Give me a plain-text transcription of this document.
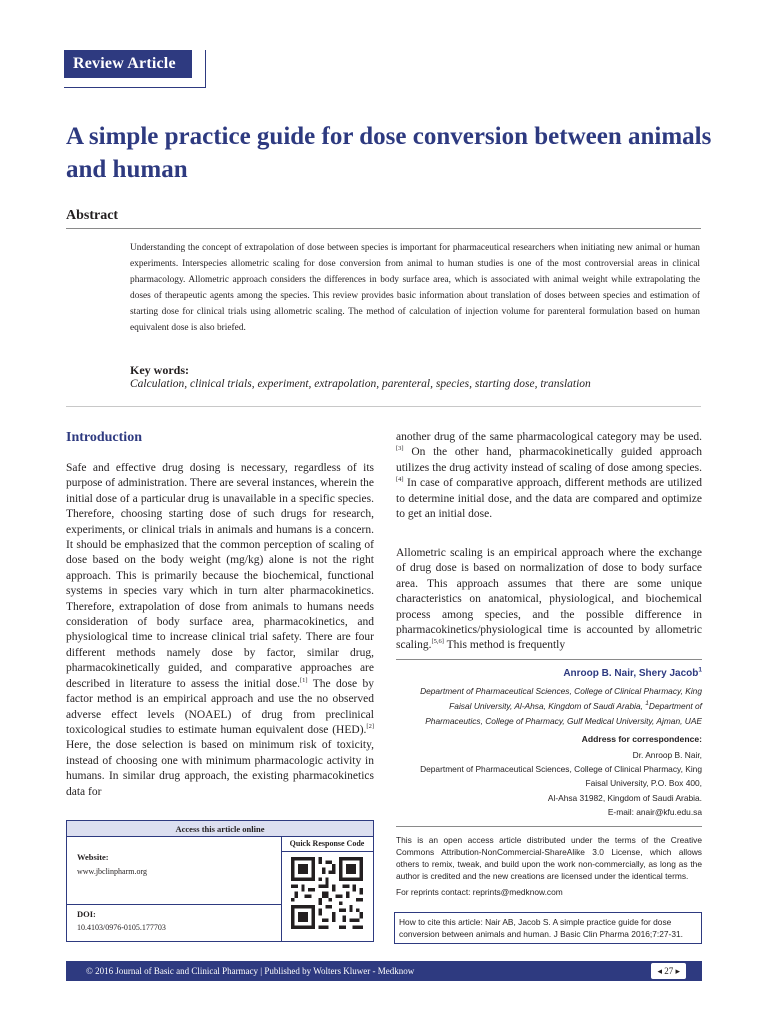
Review Article
A simple practice guide for dose conversion between animals and human
Abstract

Understanding the concept of extrapolation of dose between species is important for pharmaceutical researchers when initiating new animal or human experiments. Interspecies allometric scaling for dose conversion from animal to human studies is one of the most controversial areas in clinical pharmacology. Allometric approach considers the differences in body surface area, which is associated with animal weight while extrapolating the doses of therapeutic agents among the species. This review provides basic information about translation of doses between species and estimation of starting dose for clinical trials using allometric scaling. The method of calculation of injection volume for parenteral formulation based on human equivalent dose is also briefed.

Key words:
Calculation, clinical trials, experiment, extrapolation, parenteral, species, starting dose, translation
Introduction

Safe and effective drug dosing is necessary, regardless of its purpose of administration. There are several instances, wherein the initial dose of a particular drug is unavailable in a specific species. Therefore, choosing starting dose of such drugs for research, experiments, or clinical trials in animals and humans is a concern. It should be emphasized that the common perception of scaling of dose based on the body weight (mg/kg) alone is not the right approach. This is primarily because the biochemical, functional systems in species vary which in turn alter pharmacokinetics. Therefore, extrapolation of dose from animals to humans needs consideration of body surface area, pharmacokinetics, and physiological time to increase clinical trial safety. There are four different methods namely dose by factor, similar drug, pharmacokinetically guided, and comparative approaches are described in literature to assess the initial dose.[1] The dose by factor method is an empirical approach and use the no observed adverse effect levels (NOAEL) of drug from preclinical toxicological studies to estimate human equivalent dose (HED).[2] Here, the dose selection is based on minimum risk of toxicity, instead of choosing one with minimum pharmacologic activity in humans. In similar drug approach, the existing pharmacokinetics data for

another drug of the same pharmacological category may be used.[3] On the other hand, pharmacokinetically guided approach utilizes the drug activity instead of scaling of dose among species.[4] In case of comparative approach, different methods are utilized to determine initial dose, and the data are compared and optimize to get an initial dose.

Allometric scaling is an empirical approach where the exchange of drug dose is based on normalization of dose to body surface area. This approach assumes that there are some unique characteristics on anatomical, physiological, and biochemical process among species, and the possible difference in pharmacokinetics/physiological time is accounted by allometric scaling.[5,6] This method is frequently

Anroop B. Nair, Shery Jacob$^1$
Department of Pharmaceutical Sciences, College of Clinical Pharmacy, King Faisal University, Al-Ahsa, Kingdom of Saudi Arabia, $^1$Department of Pharmaceutics, College of Pharmacy, Gulf Medical University, Ajman, UAE
Address for correspondence:
Dr. Anroop B. Nair,
Department of Pharmaceutical Sciences, College of Clinical Pharmacy, King
Faisal University, P.O. Box 400,
Al-Ahsa 31982, Kingdom of Saudi Arabia.
E-mail: anair@kfu.edu.sa
Access this article online
Quick Response Code
Website:
www.jbclinpharm.org
DOI:
10.4103/0976-0105.177703

This is an open access article distributed under the terms of the Creative Commons Attribution-NonCommercial-ShareAlike 3.0 License, which allows others to remix, tweak, and build upon the work non-commercially, as long as the author is credited and the new creations are licensed under the identical terms.

For reprints contact: reprints@medknow.com
How to cite this article: Nair AB, Jacob S. A simple practice guide for dose conversion between animals and human. J Basic Clin Pharma 2016;7:27-31.
© 2016 Journal of Basic and Clinical Pharmacy | Published by Wolters Kluwer - Medknow	◂ 27 ▸
